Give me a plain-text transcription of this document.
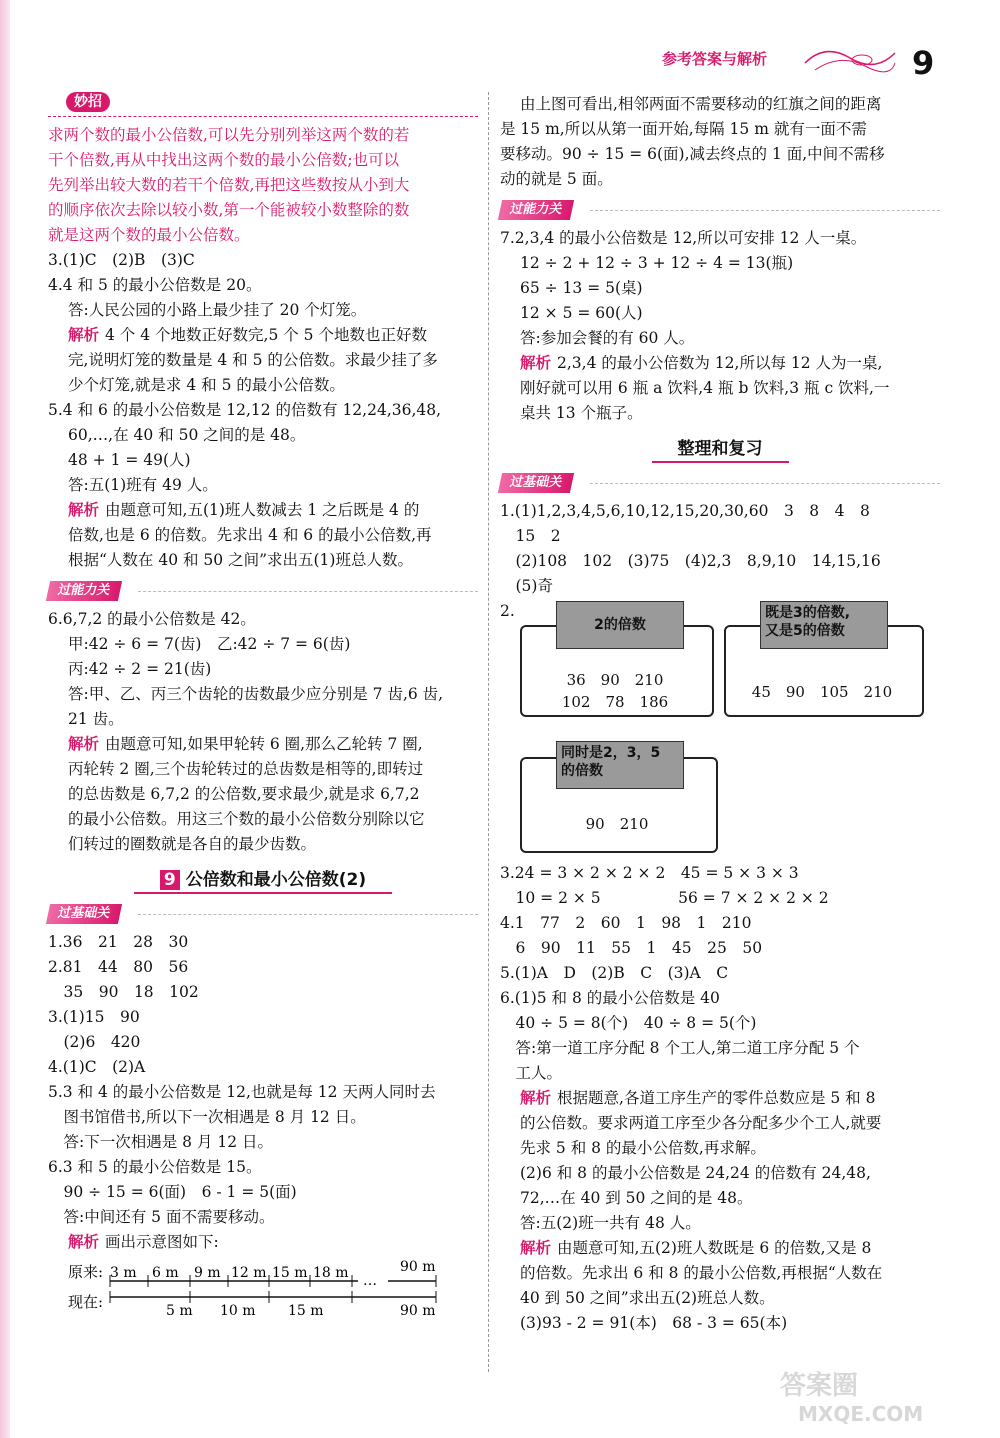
参考答案与解析	9
妙招
求两个数的最小公倍数,可以先分别列举这两个数的若
干个倍数,再从中找出这两个数的最小公倍数;也可以
先列举出较大数的若干个倍数,再把这些数按从小到大
的顺序依次去除以较小数,第一个能被较小数整除的数
就是这两个数的最小公倍数。
3.(1)C　(2)B　(3)C
4.4 和 5 的最小公倍数是 20。
答:人民公园的小路上最少挂了 20 个灯笼。
解析 4 个 4 个地数正好数完,5 个 5 个地数也正好数
完,说明灯笼的数量是 4 和 5 的公倍数。求最少挂了多
少个灯笼,就是求 4 和 5 的最小公倍数。
5.4 和 6 的最小公倍数是 12,12 的倍数有 12,24,36,48,
60,…,在 40 和 50 之间的是 48。
48 + 1 = 49(人)
答:五(1)班有 49 人。
解析 由题意可知,五(1)班人数减去 1 之后既是 4 的
倍数,也是 6 的倍数。先求出 4 和 6 的最小公倍数,再
根据“人数在 40 和 50 之间”求出五(1)班总人数。
过能力关
6.6,7,2 的最小公倍数是 42。
甲:42 ÷ 6 = 7(齿)　乙:42 ÷ 7 = 6(齿)
丙:42 ÷ 2 = 21(齿)
答:甲、乙、丙三个齿轮的齿数最少应分别是 7 齿,6 齿,
21 齿。
解析 由题意可知,如果甲轮转 6 圈,那么乙轮转 7 圈,
丙轮转 2 圈,三个齿轮转过的总齿数是相等的,即转过
的总齿数是 6,7,2 的公倍数,要求最少,就是求 6,7,2
的最小公倍数。用这三个数的最小公倍数分别除以它
们转过的圈数就是各自的最少齿数。
9 公倍数和最小公倍数(2)
过基础关
1.36　21　28　30
2.81　44　80　56
　35　90　18　102
3.(1)15　90
　(2)6　420
4.(1)C　(2)A
5.3 和 4 的最小公倍数是 12,也就是每 12 天两人同时去
　图书馆借书,所以下一次相遇是 8 月 12 日。
　答:下一次相遇是 8 月 12 日。
6.3 和 5 的最小公倍数是 15。
　90 ÷ 15 = 6(面)　6 - 1 = 5(面)
　答:中间还有 5 面不需要移动。
解析 画出示意图如下:
原来: 3 m 6 m 9 m 12 m 15 m 18 m …
90 m
现在:	5 m 10 m 15 m	90 m
由上图可看出,相邻两面不需要移动的红旗之间的距离
是 15 m,所以从第一面开始,每隔 15 m 就有一面不需
要移动。90 ÷ 15 = 6(面),减去终点的 1 面,中间不需移
动的就是 5 面。
过能力关
7.2,3,4 的最小公倍数是 12,所以可安排 12 人一桌。
12 ÷ 2 + 12 ÷ 3 + 12 ÷ 4 = 13(瓶)
65 ÷ 13 = 5(桌)
12 × 5 = 60(人)
答:参加会餐的有 60 人。
解析 2,3,4 的最小公倍数为 12,所以每 12 人为一桌,
刚好就可以用 6 瓶 a 饮料,4 瓶 b 饮料,3 瓶 c 饮料,一
桌共 13 个瓶子。
整理和复习
过基础关
1.(1)1,2,3,4,5,6,10,12,15,20,30,60　3　8　4　8
　15　2
　(2)108　102　(3)75　(4)2,3　8,9,10　14,15,16
　(5)奇
2.
2的倍数
36　90　210
102　78　186
既是3的倍数,
又是5的倍数
45　90　105　210
同时是2，3，5
的倍数
90　210
3.24 = 3 × 2 × 2 × 2　45 = 5 × 3 × 3
　10 = 2 × 5　　　　　56 = 7 × 2 × 2 × 2
4.1　77　2　60　1　98　1　210
　6　90　11　55　1　45　25　50
5.(1)A　D　(2)B　C　(3)A　C
6.(1)5 和 8 的最小公倍数是 40
　40 ÷ 5 = 8(个)　40 ÷ 8 = 5(个)
　答:第一道工序分配 8 个工人,第二道工序分配 5 个
　工人。
解析 根据题意,各道工序生产的零件总数应是 5 和 8
的公倍数。要求两道工序至少各分配多少个工人,就要
先求 5 和 8 的最小公倍数,再求解。
(2)6 和 8 的最小公倍数是 24,24 的倍数有 24,48,
72,…在 40 到 50 之间的是 48。
答:五(2)班一共有 48 人。
解析 由题意可知,五(2)班人数既是 6 的倍数,又是 8
的倍数。先求出 6 和 8 的最小公倍数,再根据“人数在
40 到 50 之间”求出五(2)班总人数。
(3)93 - 2 = 91(本)　68 - 3 = 65(本)
答案圈
MXQE.COM
